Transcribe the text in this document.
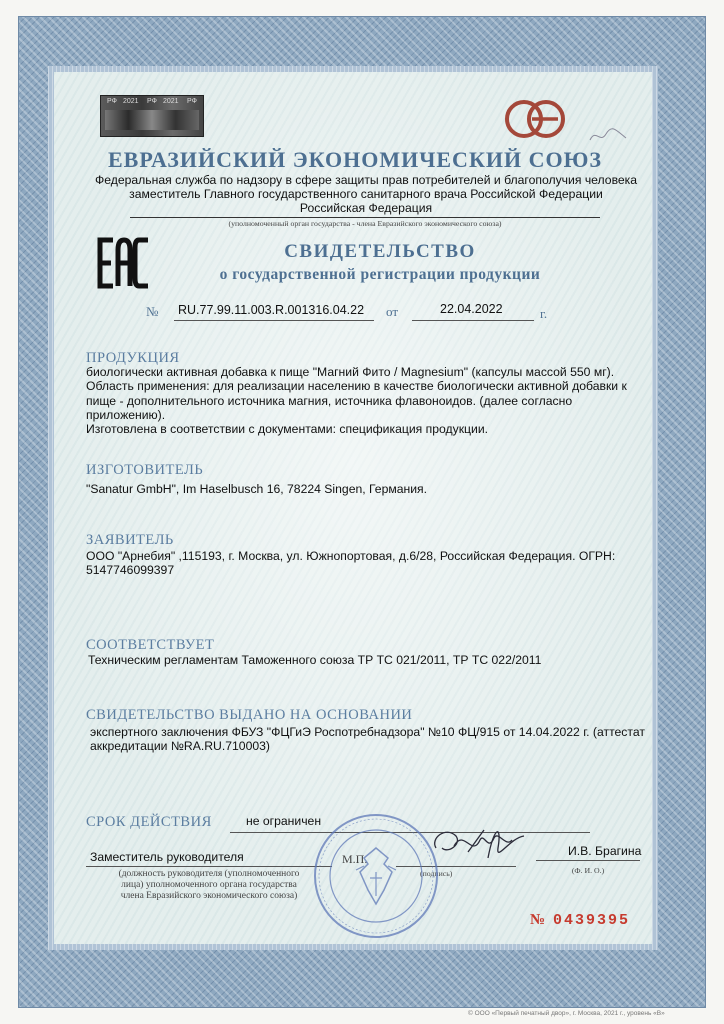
РФ 2021 РФ 2021 РФ
ЕВРАЗИЙСКИЙ ЭКОНОМИЧЕСКИЙ СОЮЗ
Федеральная служба по надзору в сфере защиты прав потребителей и благополучия человека
заместитель Главного государственного санитарного врача Российской Федерации
Российская Федерация
(уполномоченный орган государства - члена Евразийского экономического союза)
СВИДЕТЕЛЬСТВО
о государственной регистрации продукции
№ RU.77.99.11.003.R.001316.04.22 от	22.04.2022	г.
ПРОДУКЦИЯ
биологически активная добавка к пище "Магний Фито / Magnesium" (капсулы массой 550 мг).
Область применения: для реализации населению в качестве биологически активной добавки к
пище - дополнительного источника магния, источника флавоноидов. (далее согласно приложению).
Изготовлена в соответствии с документами: спецификация продукции.
ИЗГОТОВИТЕЛЬ
"Sanatur GmbH", Im Haselbusch 16, 78224 Singen, Германия.
ЗАЯВИТЕЛЬ
ООО "Арнебия" ,115193, г. Москва, ул. Южнопортовая, д.6/28, Российская Федерация. ОГРН:
5147746099397
СООТВЕТСТВУЕТ
Техническим регламентам Таможенного союза ТР ТС 021/2011, ТР ТС 022/2011
СВИДЕТЕЛЬСТВО ВЫДАНО НА ОСНОВАНИИ
экспертного заключения ФБУЗ "ФЦГиЭ Роспотребнадзора" №10 ФЦ/915 от 14.04.2022 г. (аттестат
аккредитации №RA.RU.710003)
СРОК ДЕЙСТВИЯ	не ограничен
Заместитель руководителя	М.П.
(подпись)
И.В. Брагина
(Ф. И. О.)
(должность руководителя (уполномоченного
лица) уполномоченного органа государства
члена Евразийского экономического союза)
№ 0439395
© ООО «Первый печатный двор», г. Москва, 2021 г., уровень «В»
